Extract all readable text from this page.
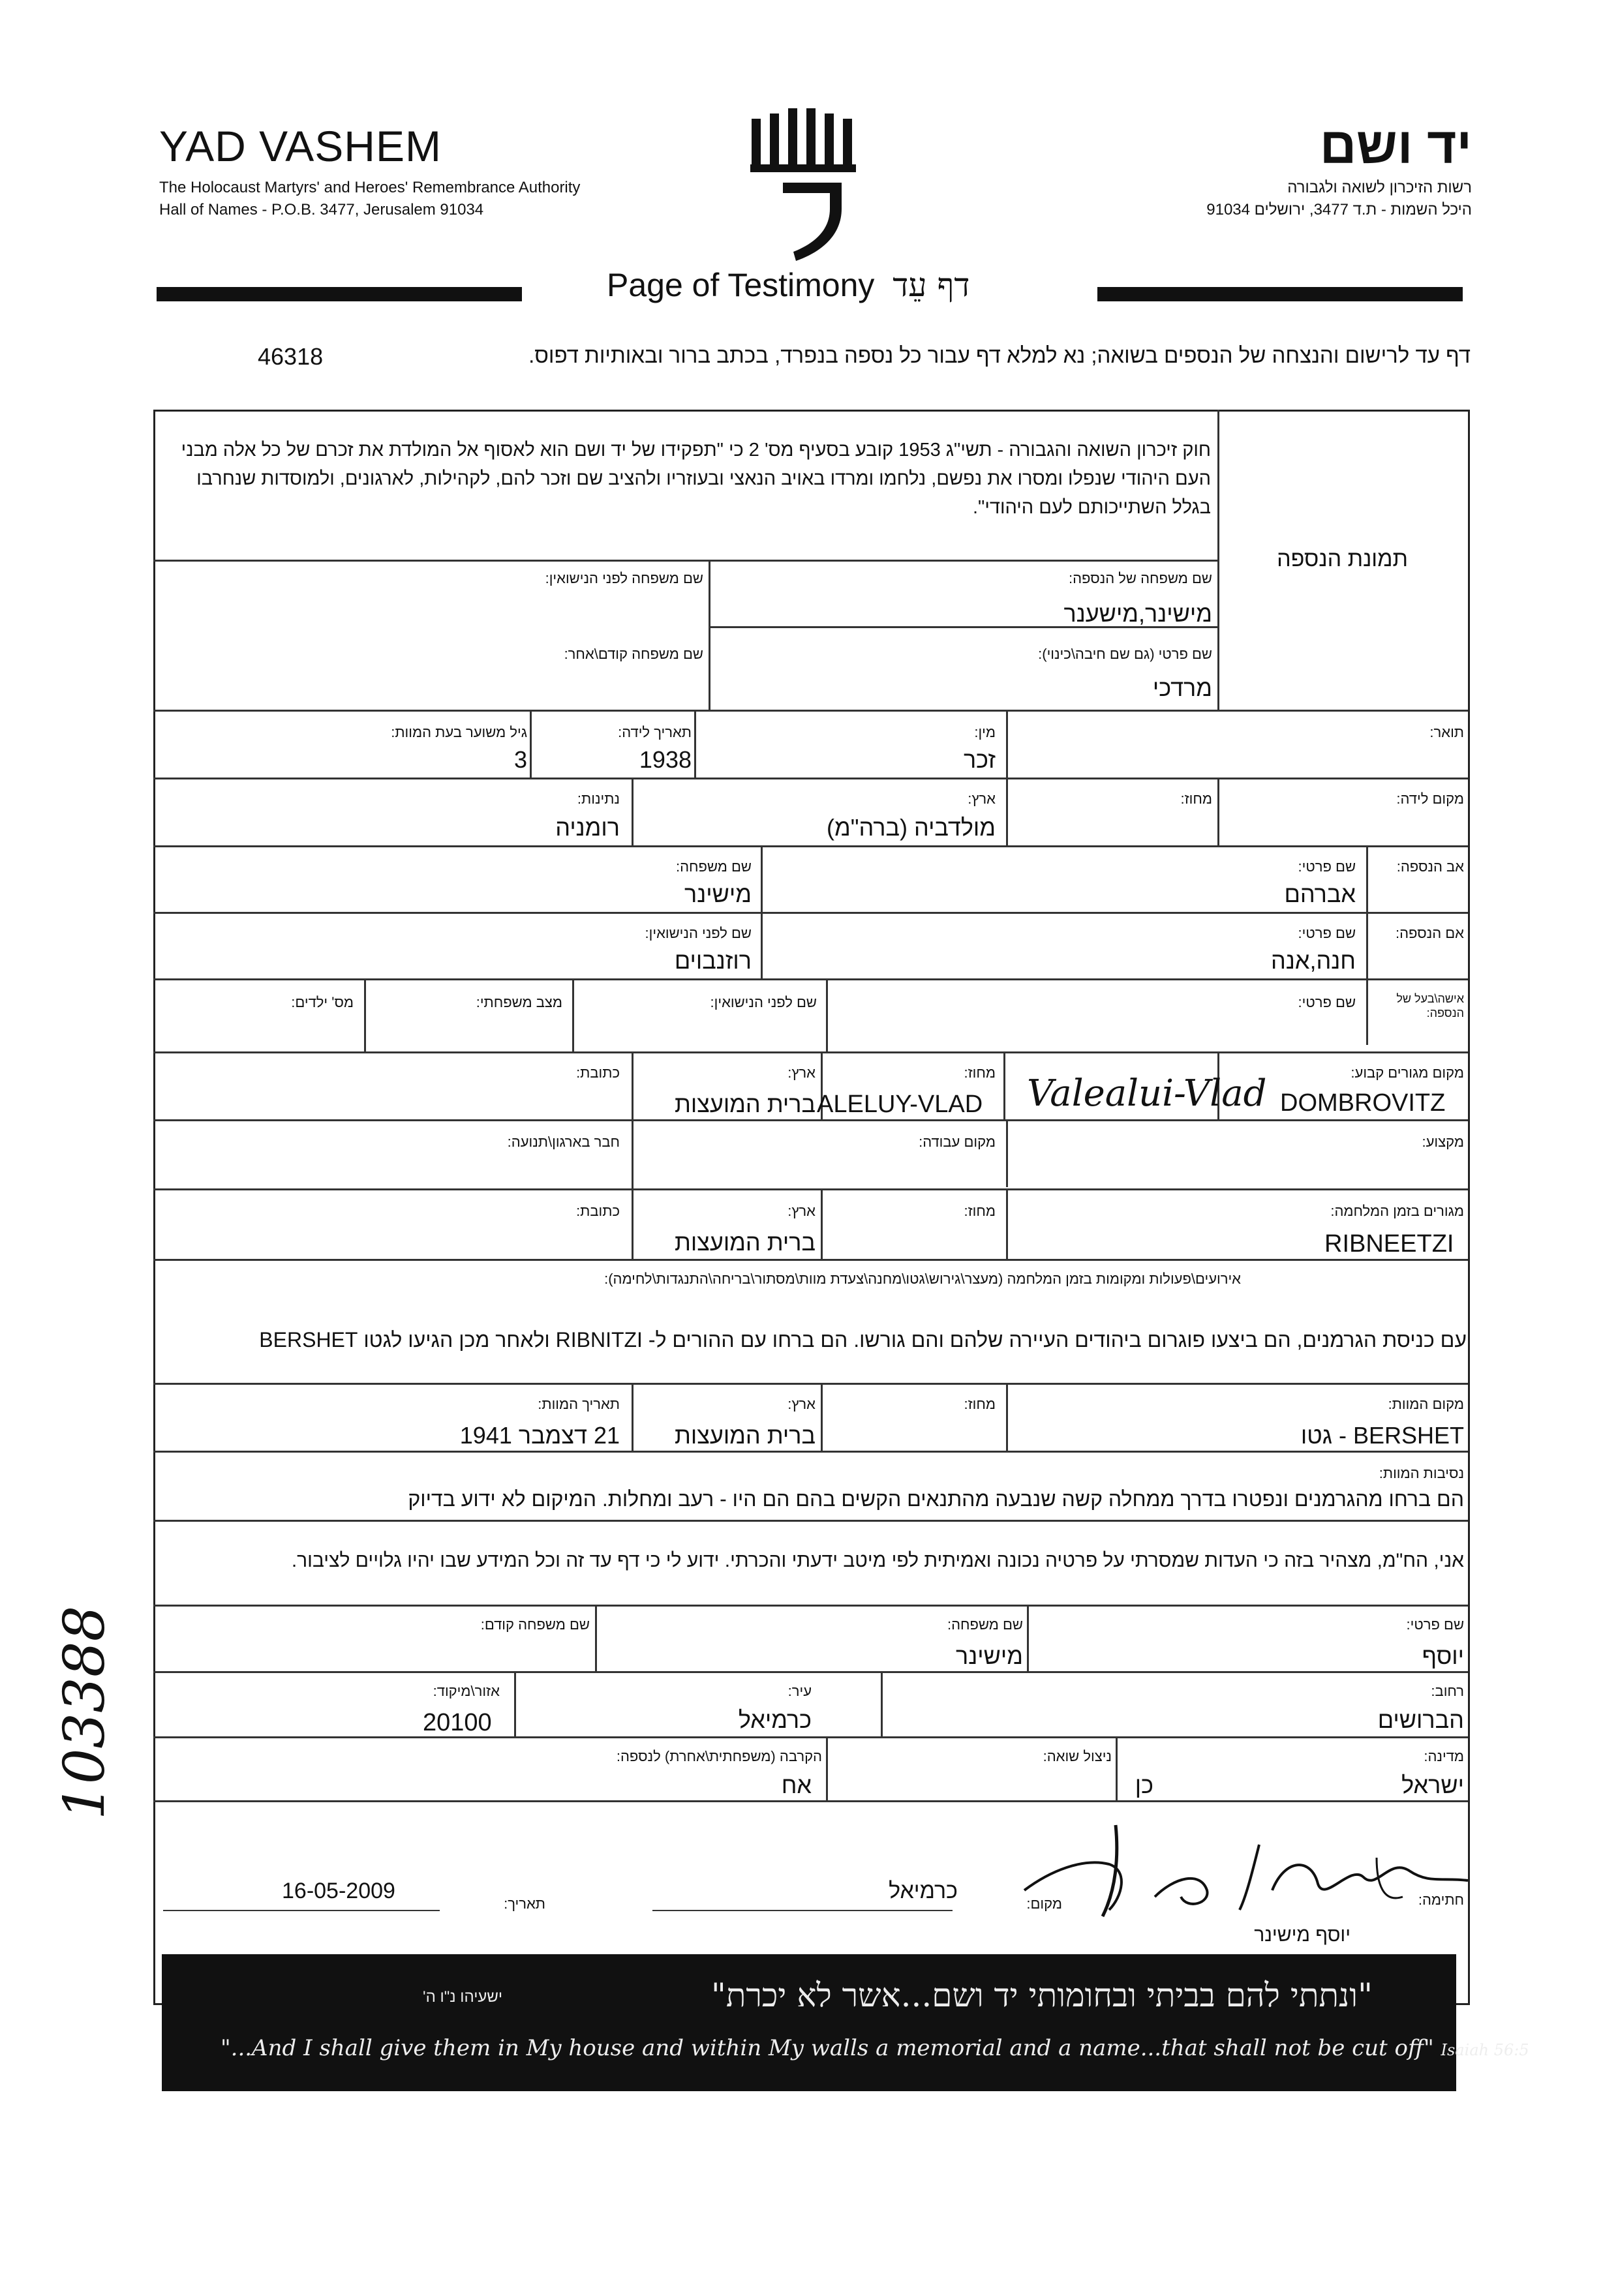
YAD VASHEM
The Holocaust Martyrs' and Heroes' Remembrance Authority
Hall of Names - P.O.B. 3477, Jerusalem 91034
יד ושם
רשות הזיכרון לשואה ולגבורה
היכל השמות - ת.ד 3477, ירושלים 91034
Page of Testimony דף עֵד
46318	דף עד לרישום והנצחה של הנספים בשואה; נא למלא דף עבור כל נספה בנפרד, בכתב ברור ובאותיות דפוס.
חוק זיכרון השואה והגבורה - תשי"ג 1953 קובע בסעיף מס' 2 כי "תפקידו של יד ושם הוא לאסוף אל המולדת את זכרם של כל אלה מבני העם היהודי שנפלו ומסרו את נפשם, נלחמו ומרדו באויב הנאצי ובעוזריו ולהציב שם וזכר להם, לקהילות, לארגונים, ולמוסדות שנחרבו בגלל השתייכותם לעם היהודי".
תמונת הנספה
שם משפחה של הנספה:
מישינר,מישענר
שם משפחה לפני הנישואין:
שם פרטי (גם שם חיבה\כינוי):
מרדכי
שם משפחה קודם\אחר:
תואר:
מין:
זכר
תאריך לידה:
1938
גיל משוער בעת המוות:
3
מקום לידה:
מחוז:
ארץ:
מולדביה (ברה"מ)
נתינות:
רומניה
אב הנספה:
שם פרטי:
אברהם
שם משפחה:
מישינר
אם הנספה:
שם פרטי:
חנה,אנה
שם לפני הנישואין:
רוזנבוים
אישה\בעל של הנספה:
שם פרטי:
שם לפני הנישואין:
מצב משפחתי:
מס' ילדים:
מקום מגורים קבוע:
DOMBROVITZ
Valealui-Vlad
מחוז:
ALELUY-VLAD
ארץ:
ברית המועצות
כתובת:
מקצוע:
מקום עבודה:
חבר בארגון\תנועה:
מגורים בזמן המלחמה:
RIBNEETZI
מחוז:
ארץ:
ברית המועצות
כתובת:
אירועים\פעולות ומקומות בזמן המלחמה (מעצר\גירוש\גטו\מחנה\צעדת מוות\מסתור\בריחה\התנגדות\לחימה):
עם כניסת הגרמנים, הם ביצעו פוגרום ביהודים העיירה שלהם והם גורשו. הם ברחו עם ההורים ל- RIBNITZI ולאחר מכן הגיעו לגטו BERSHET
מקום המוות:
BERSHET - גטו
מחוז:
ארץ:
ברית המועצות
תאריך המוות:
21 דצמבר 1941
נסיבות המוות:
הם ברחו מהגרמנים ונפטרו בדרך ממחלה קשה שנבעה מהתנאים הקשים בהם הם היו - רעב ומחלות. המיקום לא ידוע בדיוק
אני, הח"מ, מצהיר בזה כי העדות שמסרתי על פרטיה נכונה ואמיתית לפי מיטב ידעתי והכרתי. ידוע לי כי דף עד זה וכל המידע שבו יהיו גלויים לציבור.
שם פרטי:
יוסף
שם משפחה:
מישינר
שם משפחה קודם:
רחוב:
הברושים
עיר:
כרמיאל
אזור\מיקוד:
20100
מדינה:
ישראל
ניצול שואה:
כן
הקרבה (משפחתית\אחרת) לנספה:
אח
חתימה:
יוסף מישינר
מקום:
כרמיאל
תאריך:
16-05-2009
"ונתתי להם בביתי ובחומותי יד ושם...אשר לא יכרת"
ישעיהו נ"ו ה'
"...And I shall give them in My house and within My walls a memorial and a name...that shall not be cut off" Isaiah 56:5
103388
